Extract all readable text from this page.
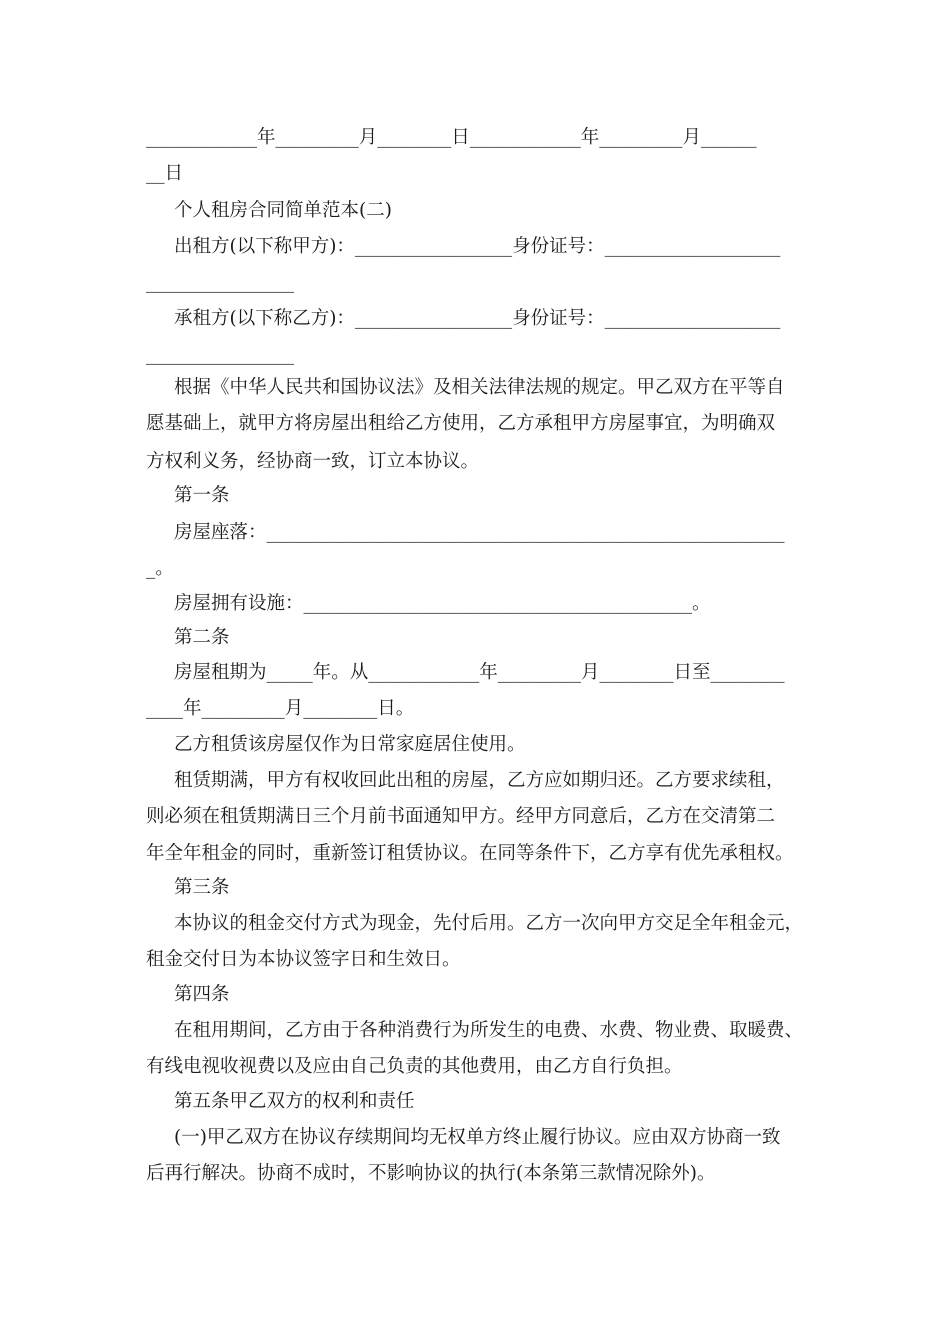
____________年_________月________日____________年_________月______
__日
个人租房合同简单范本(二)
出租方(以下称甲方)：_________________身份证号：___________________
________________
承租方(以下称乙方)：_________________身份证号：___________________
________________
根据《中华人民共和国协议法》及相关法律法规的规定。甲乙双方在平等自
愿基础上，就甲方将房屋出租给乙方使用，乙方承租甲方房屋事宜，为明确双
方权利义务，经协商一致，订立本协议。
第一条
房屋座落：________________________________________________________
_。
房屋拥有设施：__________________________________________。
第二条
房屋租期为_____年。从____________年_________月________日至________
____年_________月________日。
乙方租赁该房屋仅作为日常家庭居住使用。
租赁期满，甲方有权收回此出租的房屋，乙方应如期归还。乙方要求续租，
则必须在租赁期满日三个月前书面通知甲方。经甲方同意后，乙方在交清第二
年全年租金的同时，重新签订租赁协议。在同等条件下，乙方享有优先承租权。
第三条
本协议的租金交付方式为现金，先付后用。乙方一次向甲方交足全年租金元，
租金交付日为本协议签字日和生效日。
第四条
在租用期间，乙方由于各种消费行为所发生的电费、水费、物业费、取暖费、
有线电视收视费以及应由自己负责的其他费用，由乙方自行负担。
第五条甲乙双方的权利和责任
(一)甲乙双方在协议存续期间均无权单方终止履行协议。应由双方协商一致
后再行解决。协商不成时，不影响协议的执行(本条第三款情况除外)。
